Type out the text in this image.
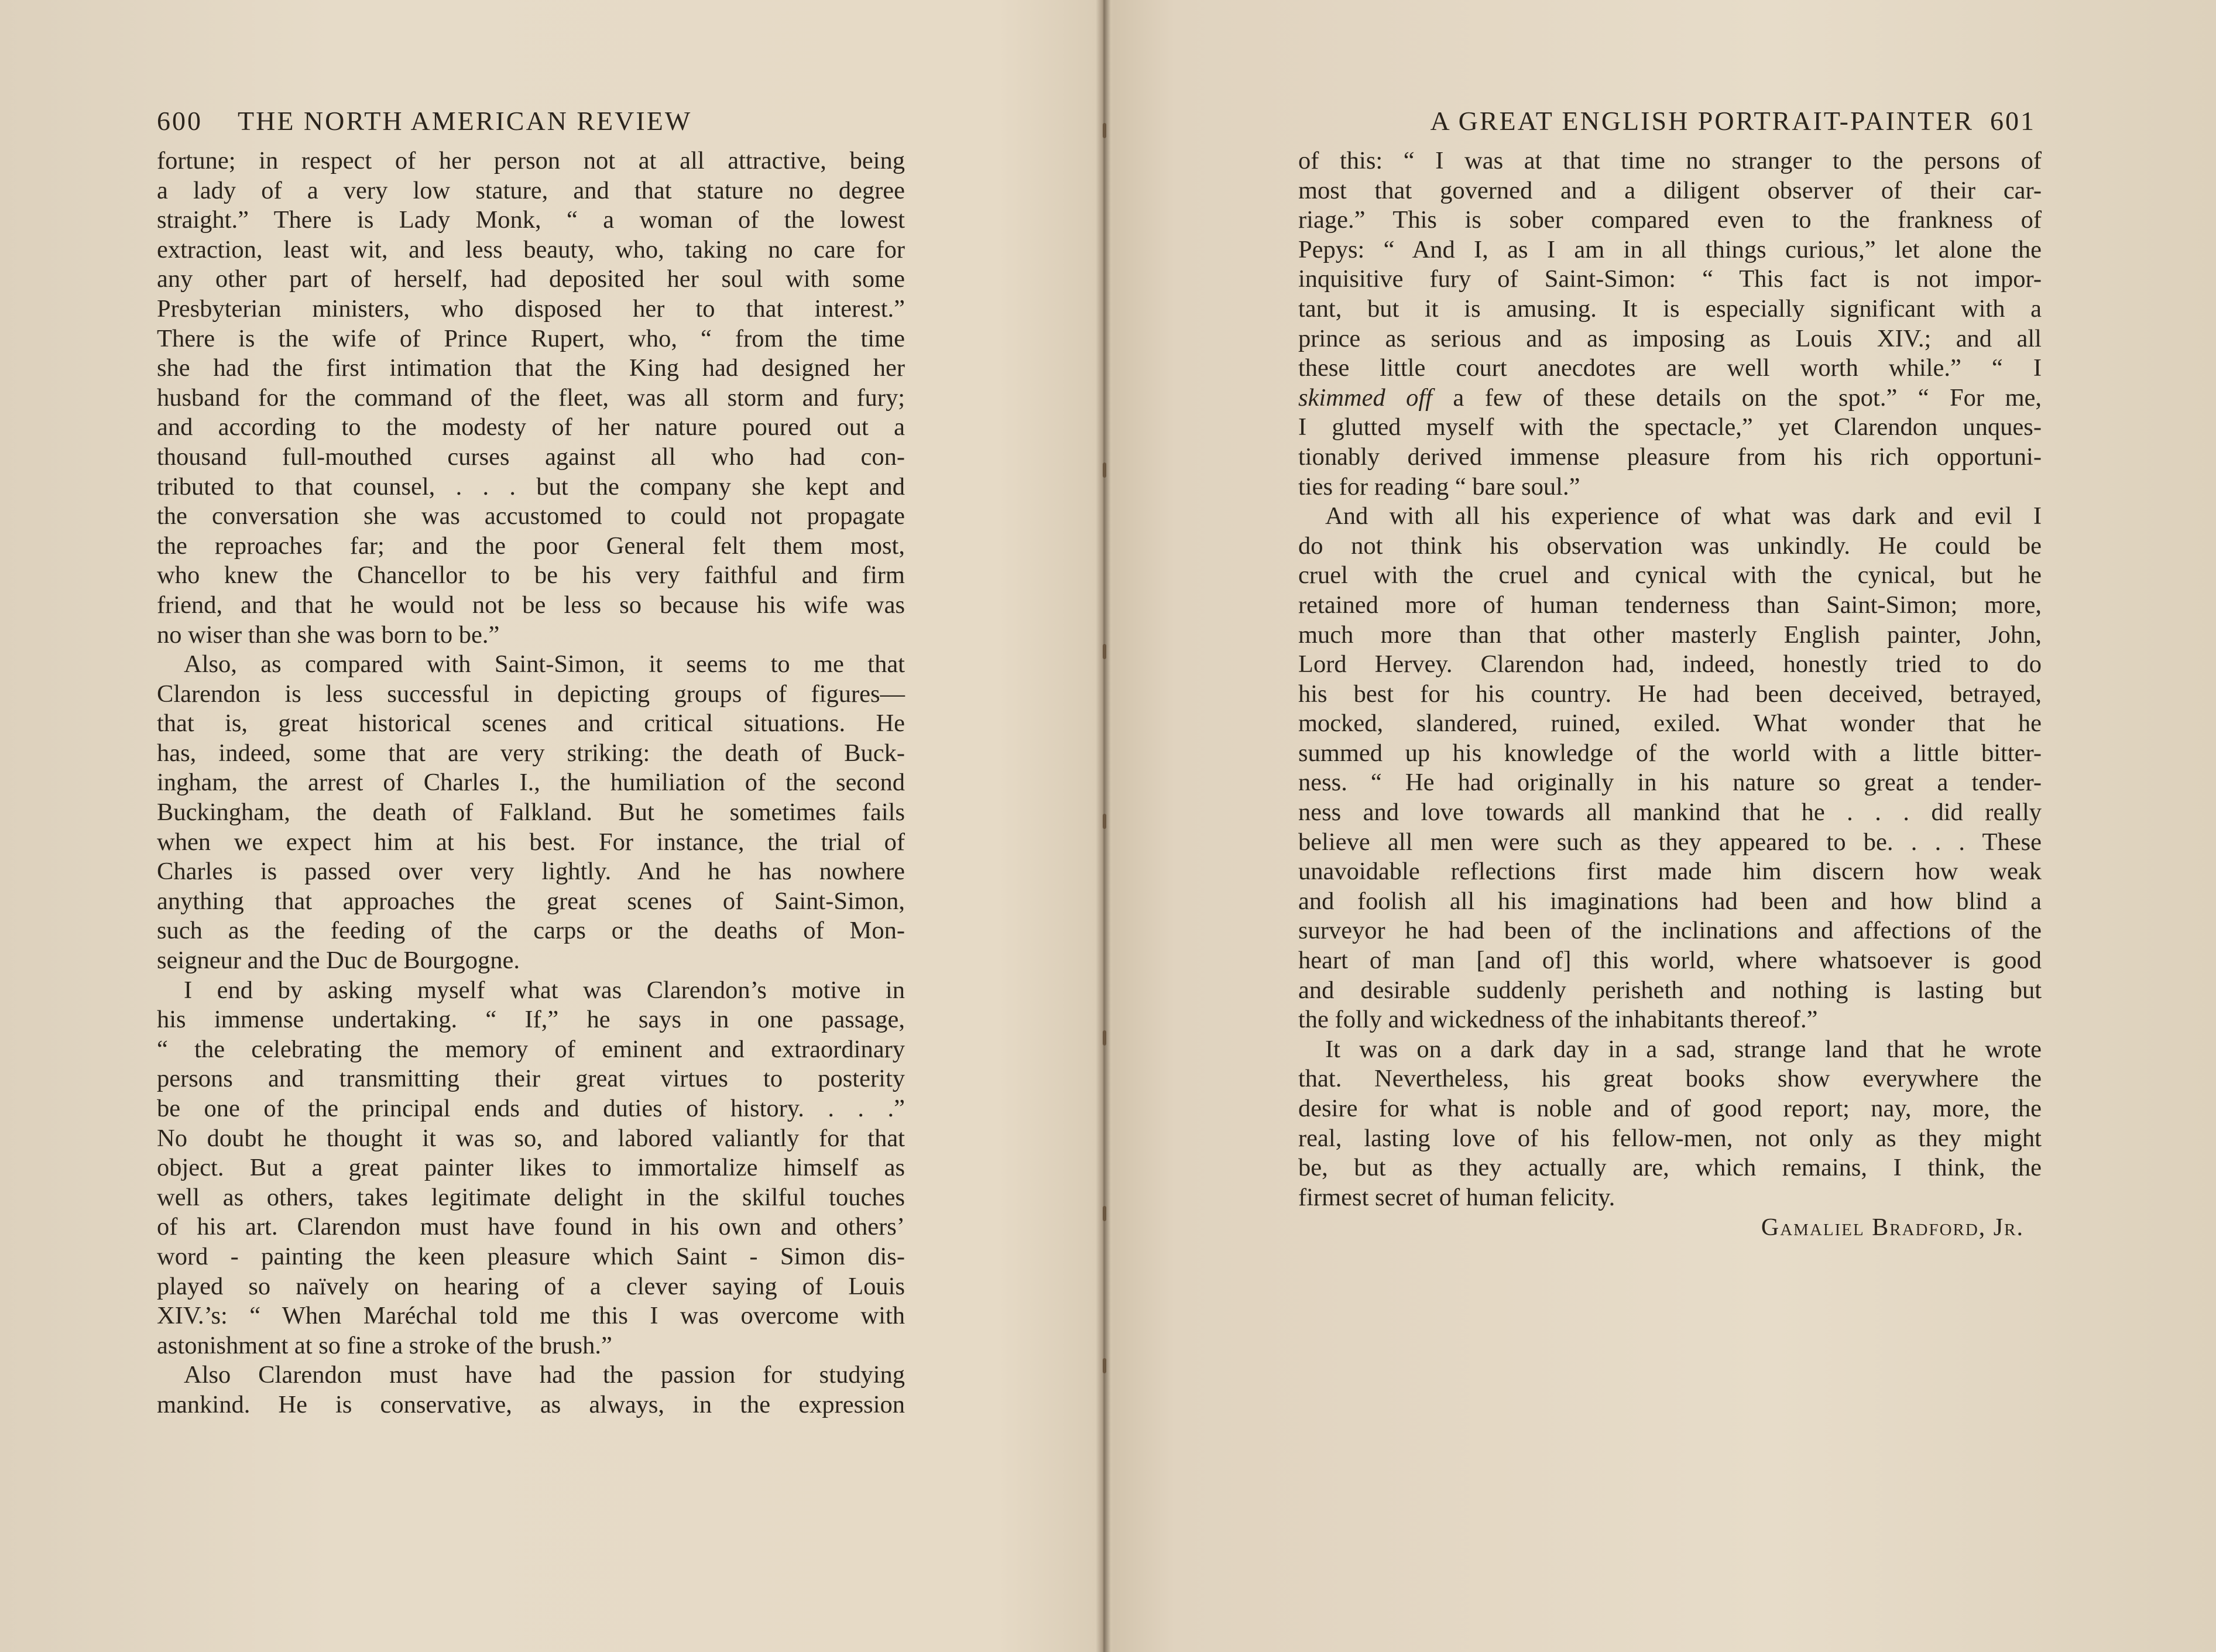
600 THE NORTH AMERICAN REVIEW
fortune; in respect of her person not at all attractive, being
a lady of a very low stature, and that stature no degree
straight.” There is Lady Monk, “ a woman of the lowest
extraction, least wit, and less beauty, who, taking no care for
any other part of herself, had deposited her soul with some
Presbyterian ministers, who disposed her to that interest.”
There is the wife of Prince Rupert, who, “ from the time
she had the first intimation that the King had designed her
husband for the command of the fleet, was all storm and fury;
and according to the modesty of her nature poured out a
thousand full-mouthed curses against all who had con-
tributed to that counsel, . . . but the company she kept and
the conversation she was accustomed to could not propagate
the reproaches far; and the poor General felt them most,
who knew the Chancellor to be his very faithful and firm
friend, and that he would not be less so because his wife was
no wiser than she was born to be.”
Also, as compared with Saint-Simon, it seems to me that
Clarendon is less successful in depicting groups of figures—
that is, great historical scenes and critical situations. He
has, indeed, some that are very striking: the death of Buck-
ingham, the arrest of Charles I., the humiliation of the second
Buckingham, the death of Falkland. But he sometimes fails
when we expect him at his best. For instance, the trial of
Charles is passed over very lightly. And he has nowhere
anything that approaches the great scenes of Saint-Simon,
such as the feeding of the carps or the deaths of Mon-
seigneur and the Duc de Bourgogne.
I end by asking myself what was Clarendon’s motive in
his immense undertaking. “ If,” he says in one passage,
“ the celebrating the memory of eminent and extraordinary
persons and transmitting their great virtues to posterity
be one of the principal ends and duties of history. . . .”
No doubt he thought it was so, and labored valiantly for that
object. But a great painter likes to immortalize himself as
well as others, takes legitimate delight in the skilful touches
of his art. Clarendon must have found in his own and others’
word - painting the keen pleasure which Saint - Simon dis-
played so naïvely on hearing of a clever saying of Louis
XIV.’s: “ When Maréchal told me this I was overcome with
astonishment at so fine a stroke of the brush.”
Also Clarendon must have had the passion for studying
mankind. He is conservative, as always, in the expression
A GREAT ENGLISH PORTRAIT-PAINTER 601
of this: “ I was at that time no stranger to the persons of
most that governed and a diligent observer of their car-
riage.” This is sober compared even to the frankness of
Pepys: “ And I, as I am in all things curious,” let alone the
inquisitive fury of Saint-Simon: “ This fact is not impor-
tant, but it is amusing. It is especially significant with a
prince as serious and as imposing as Louis XIV.; and all
these little court anecdotes are well worth while.” “ I
skimmed off a few of these details on the spot.” “ For me,
I glutted myself with the spectacle,” yet Clarendon unques-
tionably derived immense pleasure from his rich opportuni-
ties for reading “ bare soul.”
And with all his experience of what was dark and evil I
do not think his observation was unkindly. He could be
cruel with the cruel and cynical with the cynical, but he
retained more of human tenderness than Saint-Simon; more,
much more than that other masterly English painter, John,
Lord Hervey. Clarendon had, indeed, honestly tried to do
his best for his country. He had been deceived, betrayed,
mocked, slandered, ruined, exiled. What wonder that he
summed up his knowledge of the world with a little bitter-
ness. “ He had originally in his nature so great a tender-
ness and love towards all mankind that he . . . did really
believe all men were such as they appeared to be. . . . These
unavoidable reflections first made him discern how weak
and foolish all his imaginations had been and how blind a
surveyor he had been of the inclinations and affections of the
heart of man [and of] this world, where whatsoever is good
and desirable suddenly perisheth and nothing is lasting but
the folly and wickedness of the inhabitants thereof.”
It was on a dark day in a sad, strange land that he wrote
that. Nevertheless, his great books show everywhere the
desire for what is noble and of good report; nay, more, the
real, lasting love of his fellow-men, not only as they might
be, but as they actually are, which remains, I think, the
firmest secret of human felicity.
Gamaliel Bradford, Jr.
